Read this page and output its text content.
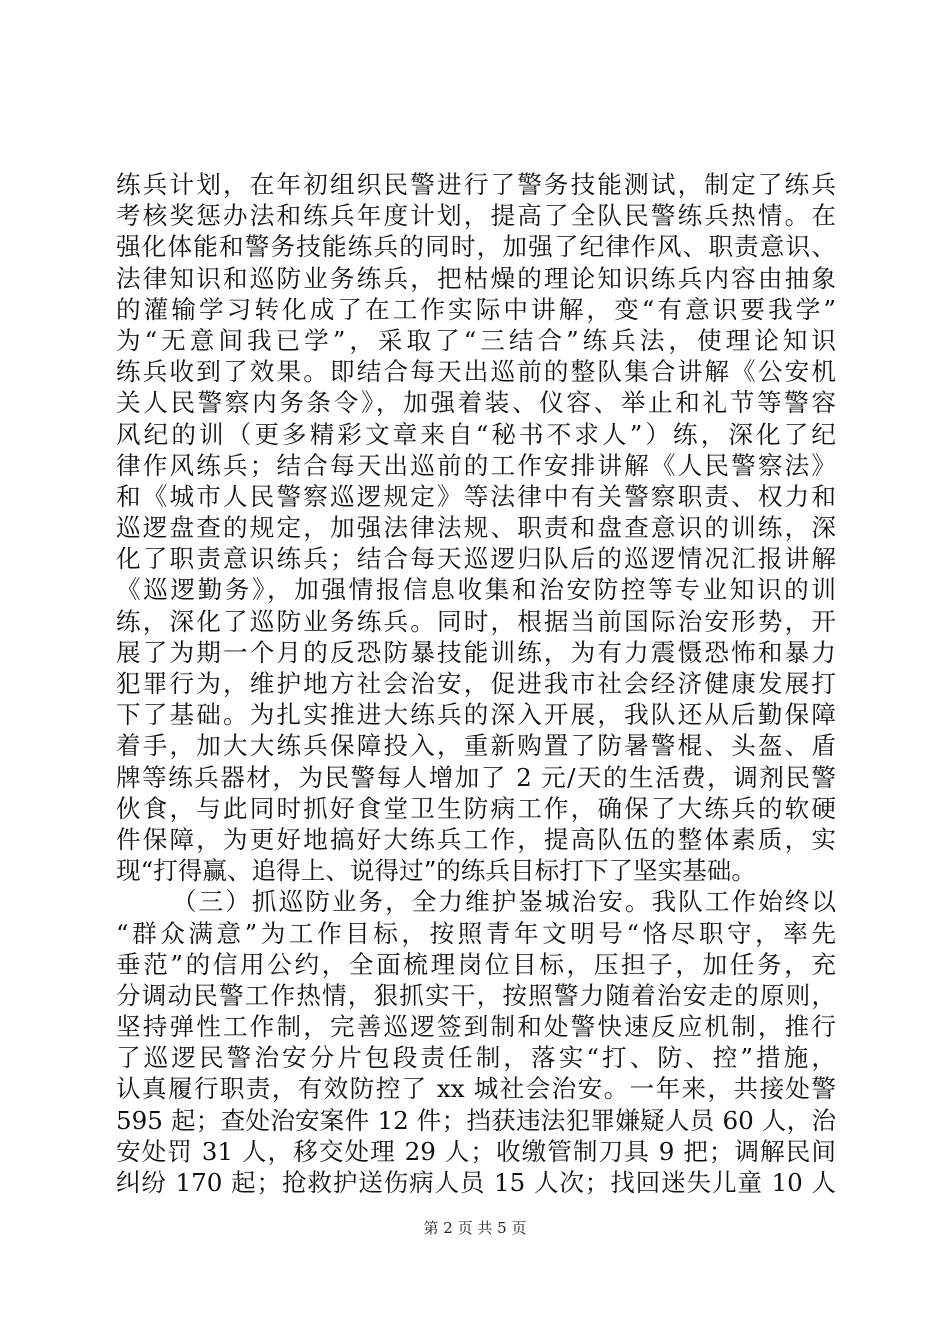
练兵计划，在年初组织民警进行了警务技能测试，制定了练兵
考核奖惩办法和练兵年度计划，提高了全队民警练兵热情。在
强化体能和警务技能练兵的同时，加强了纪律作风、职责意识、
法律知识和巡防业务练兵，把枯燥的理论知识练兵内容由抽象
的灌输学习转化成了在工作实际中讲解，变“有意识要我学”
为“无意间我已学”，采取了“三结合”练兵法，使理论知识
练兵收到了效果。即结合每天出巡前的整队集合讲解《公安机
关人民警察内务条令》，加强着装、仪容、举止和礼节等警容
风纪的训（更多精彩文章来自“秘书不求人”）练，深化了纪
律作风练兵；结合每天出巡前的工作安排讲解《人民警察法》
和《城市人民警察巡逻规定》等法律中有关警察职责、权力和
巡逻盘查的规定，加强法律法规、职责和盘查意识的训练，深
化了职责意识练兵；结合每天巡逻归队后的巡逻情况汇报讲解
《巡逻勤务》，加强情报信息收集和治安防控等专业知识的训
练，深化了巡防业务练兵。同时，根据当前国际治安形势，开
展了为期一个月的反恐防暴技能训练，为有力震慑恐怖和暴力
犯罪行为，维护地方社会治安，促进我市社会经济健康发展打
下了基础。为扎实推进大练兵的深入开展，我队还从后勤保障
着手，加大大练兵保障投入，重新购置了防暑警棍、头盔、盾
牌等练兵器材，为民警每人增加了 2 元/天的生活费，调剂民警
伙食，与此同时抓好食堂卫生防病工作，确保了大练兵的软硬
件保障，为更好地搞好大练兵工作，提高队伍的整体素质，实
现“打得赢、追得上、说得过”的练兵目标打下了坚实基础。
（三）抓巡防业务，全力维护崟城治安。我队工作始终以
“群众满意”为工作目标，按照青年文明号“恪尽职守，率先
垂范”的信用公约，全面梳理岗位目标，压担子，加任务，充
分调动民警工作热情，狠抓实干，按照警力随着治安走的原则，
坚持弹性工作制，完善巡逻签到制和处警快速反应机制，推行
了巡逻民警治安分片包段责任制，落实“打、防、控”措施，
认真履行职责，有效防控了 xx 城社会治安。一年来，共接处警
595 起；查处治安案件 12 件；挡获违法犯罪嫌疑人员 60 人，治
安处罚 31 人，移交处理 29 人；收缴管制刀具 9 把；调解民间
纠纷 170 起；抢救护送伤病人员 15 人次；找回迷失儿童 10 人
第 2 页 共 5 页
